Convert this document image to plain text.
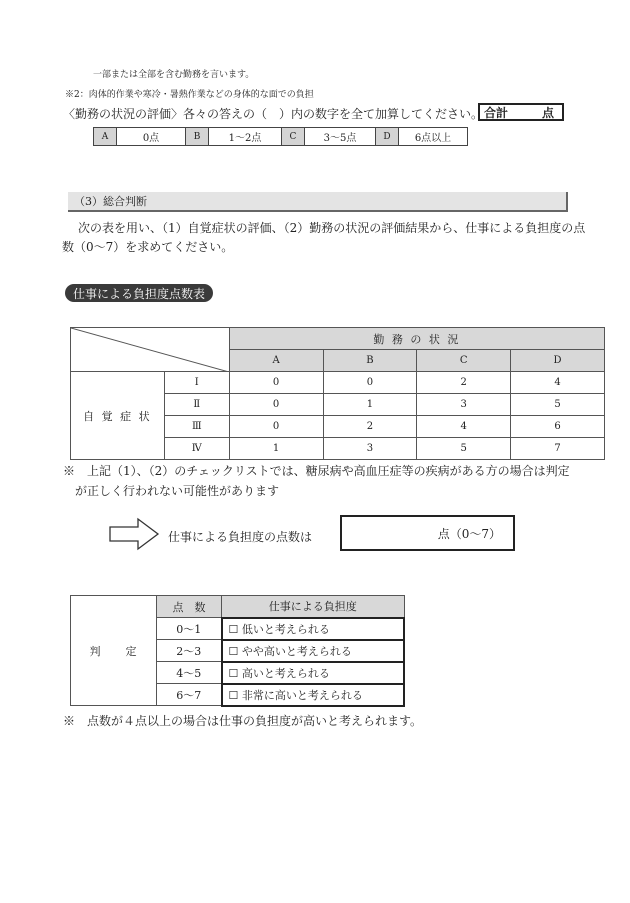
一部または全部を含む勤務を言います。
※2：肉体的作業や寒冷・暑熱作業などの身体的な面での負担
〈勤務の状況の評価〉各々の答えの（　）内の数字を全て加算してください。 合計	点
A	0点	B	1〜2点	C	3〜5点	D	6点以上
（3）総合判断
次の表を用い、（1）自覚症状の評価、（2）勤務の状況の評価結果から、仕事による負担度の点
数（0〜7）を求めてください。
仕事による負担度点数表
	勤 務 の 状 況			
		A	B	C	D
自 覚 症 状	Ⅰ	0	0	2	4
	Ⅱ	0	1	3	5
	Ⅲ	0	2	4	6
	Ⅳ	1	3	5	7
※　上記（1）、（2）のチェックリストでは、糖尿病や高血圧症等の疾病がある方の場合は判定
が正しく行われない可能性があります
仕事による負担度の点数は	点（0〜7）
判　　定	点　数	仕事による負担度
	0〜1	☐ 低いと考えられる
	2〜3	☐ やや高いと考えられる
	4〜5	☐ 高いと考えられる
	6〜7	☐ 非常に高いと考えられる
※　点数が４点以上の場合は仕事の負担度が高いと考えられます。
